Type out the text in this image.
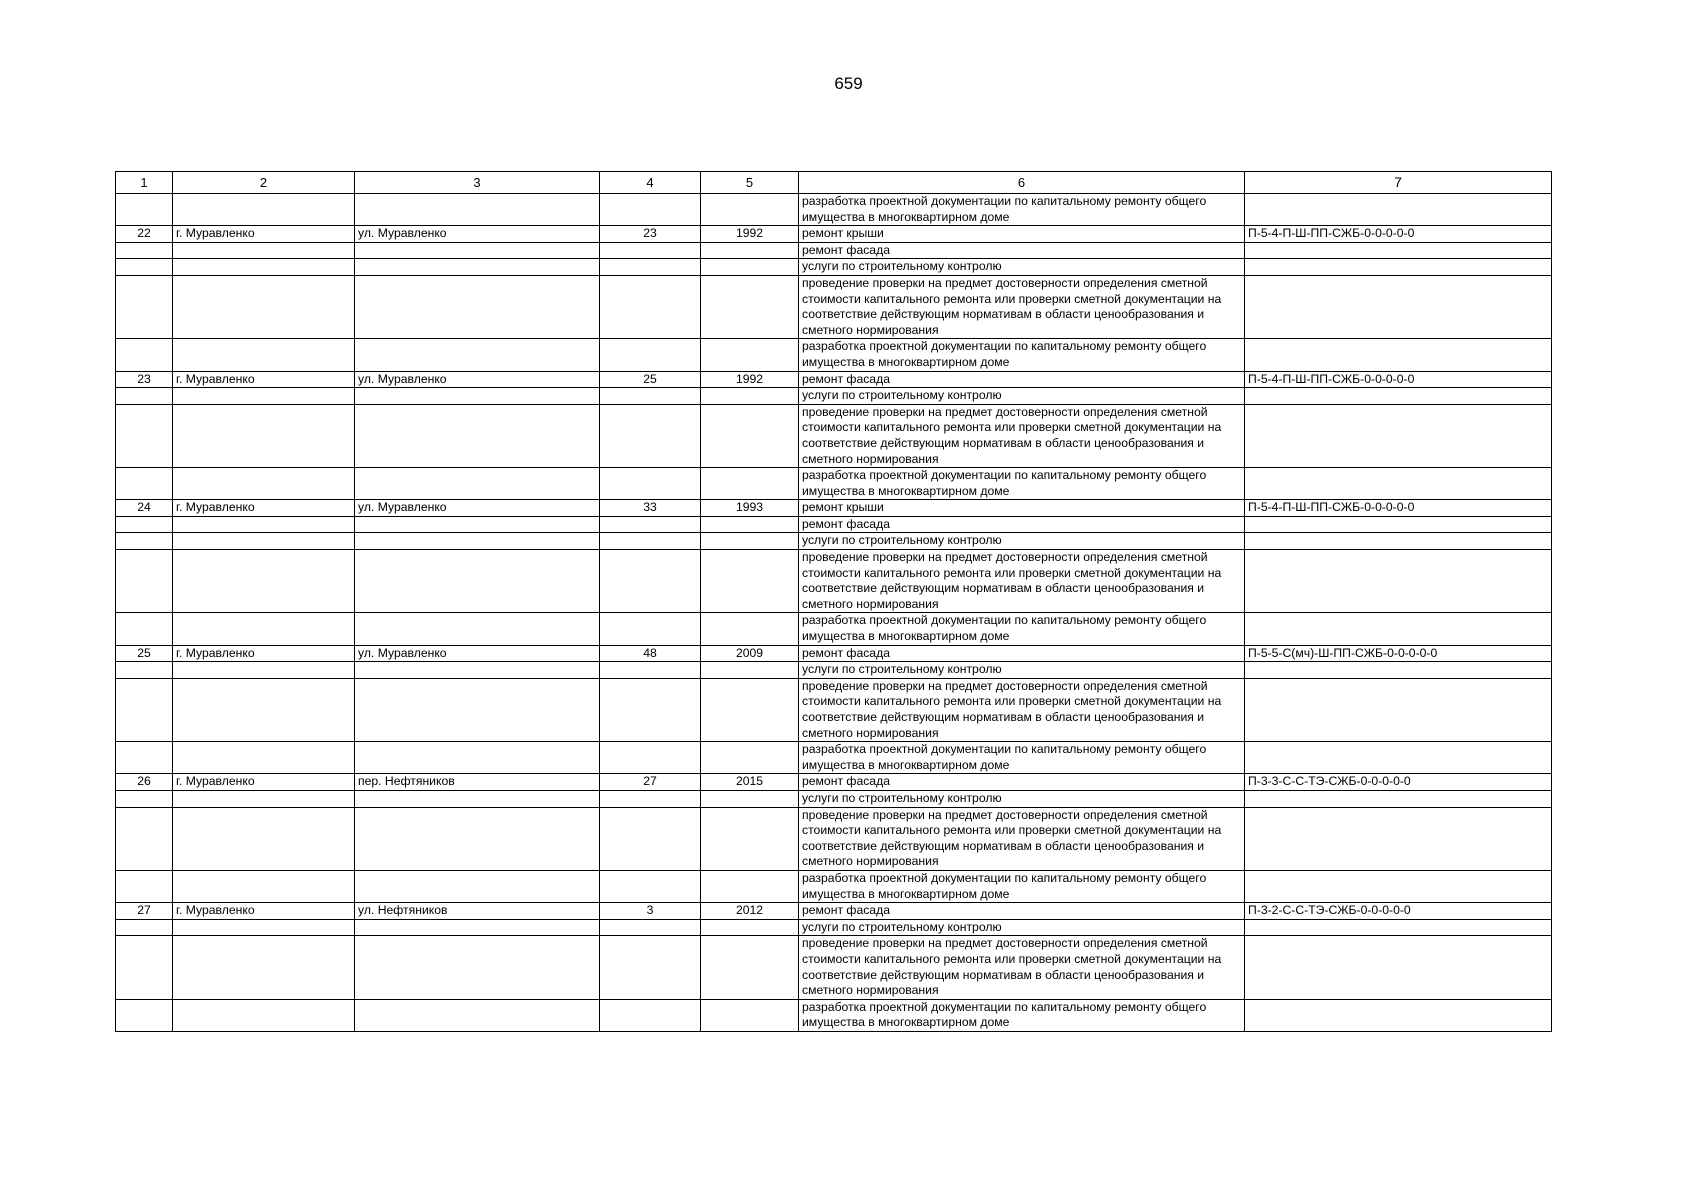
659
1	2	3	4	5	6	7
					разработка проектной документации по капитальному ремонту общего имущества в многоквартирном доме	
22	г. Муравленко	ул. Муравленко	23	1992	ремонт крыши	П-5-4-П-Ш-ПП-СЖБ-0-0-0-0-0
					ремонт фасада	
					услуги по строительному контролю	
					проведение проверки на предмет достоверности определения сметной стоимости капитального ремонта или проверки сметной документации на соответствие действующим нормативам в области ценообразования и сметного нормирования	
					разработка проектной документации по капитальному ремонту общего имущества в многоквартирном доме	
23	г. Муравленко	ул. Муравленко	25	1992	ремонт фасада	П-5-4-П-Ш-ПП-СЖБ-0-0-0-0-0
					услуги по строительному контролю	
					проведение проверки на предмет достоверности определения сметной стоимости капитального ремонта или проверки сметной документации на соответствие действующим нормативам в области ценообразования и сметного нормирования	
					разработка проектной документации по капитальному ремонту общего имущества в многоквартирном доме	
24	г. Муравленко	ул. Муравленко	33	1993	ремонт крыши	П-5-4-П-Ш-ПП-СЖБ-0-0-0-0-0
					ремонт фасада	
					услуги по строительному контролю	
					проведение проверки на предмет достоверности определения сметной стоимости капитального ремонта или проверки сметной документации на соответствие действующим нормативам в области ценообразования и сметного нормирования	
					разработка проектной документации по капитальному ремонту общего имущества в многоквартирном доме	
25	г. Муравленко	ул. Муравленко	48	2009	ремонт фасада	П-5-5-С(мч)-Ш-ПП-СЖБ-0-0-0-0-0
					услуги по строительному контролю	
					проведение проверки на предмет достоверности определения сметной стоимости капитального ремонта или проверки сметной документации на соответствие действующим нормативам в области ценообразования и сметного нормирования	
					разработка проектной документации по капитальному ремонту общего имущества в многоквартирном доме	
26	г. Муравленко	пер. Нефтяников	27	2015	ремонт фасада	П-3-3-С-С-ТЭ-СЖБ-0-0-0-0-0
					услуги по строительному контролю	
					проведение проверки на предмет достоверности определения сметной стоимости капитального ремонта или проверки сметной документации на соответствие действующим нормативам в области ценообразования и сметного нормирования	
					разработка проектной документации по капитальному ремонту общего имущества в многоквартирном доме	
27	г. Муравленко	ул. Нефтяников	3	2012	ремонт фасада	П-3-2-С-С-ТЭ-СЖБ-0-0-0-0-0
					услуги по строительному контролю	
					проведение проверки на предмет достоверности определения сметной стоимости капитального ремонта или проверки сметной документации на соответствие действующим нормативам в области ценообразования и сметного нормирования	
					разработка проектной документации по капитальному ремонту общего имущества в многоквартирном доме	
